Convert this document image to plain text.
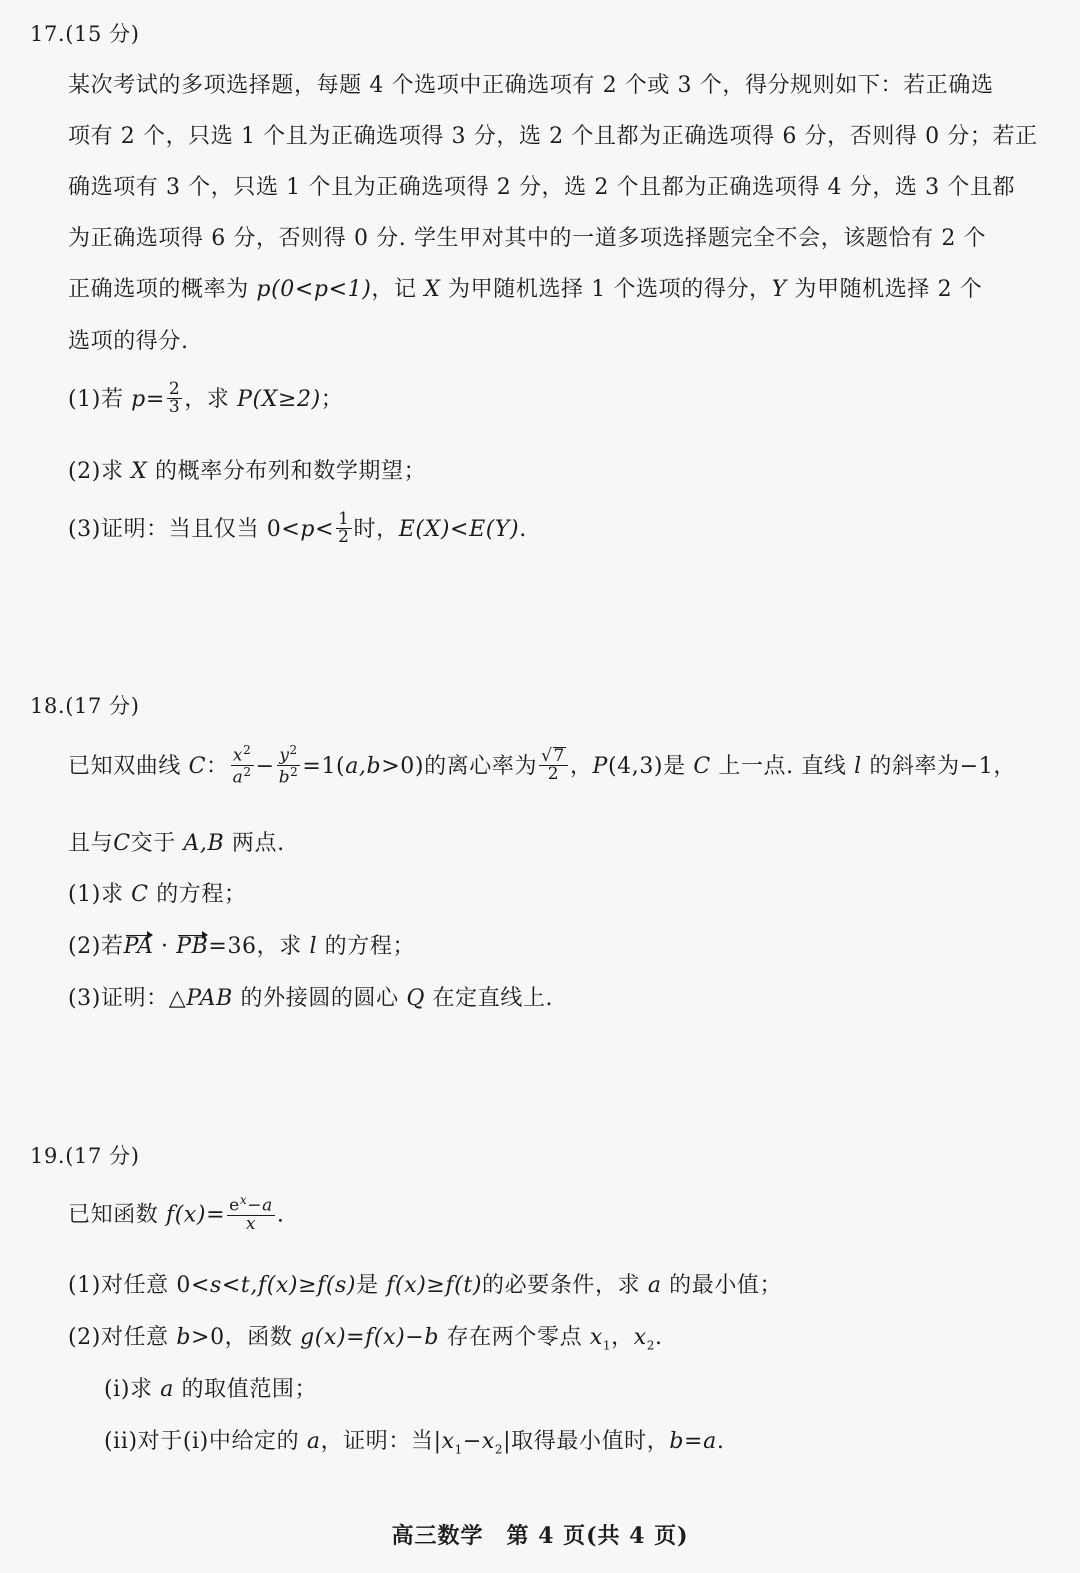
17.(15 分)
某次考试的多项选择题，每题 4 个选项中正确选项有 2 个或 3 个，得分规则如下：若正确选
项有 2 个，只选 1 个且为正确选项得 3 分，选 2 个且都为正确选项得 6 分，否则得 0 分；若正
确选项有 3 个，只选 1 个且为正确选项得 2 分，选 2 个且都为正确选项得 4 分，选 3 个且都
为正确选项得 6 分，否则得 0 分. 学生甲对其中的一道多项选择题完全不会，该题恰有 2 个
正确选项的概率为 p(0<p<1)，记 X 为甲随机选择 1 个选项的得分，Y 为甲随机选择 2 个
选项的得分.
(1)若 $p= \frac{2}{3}$ ，求 P(X≥2)；
(2)求 X 的概率分布列和数学期望；
(3)证明：当且仅当 $0<p< \frac{1}{2}$ 时，E(X)<E(Y).
18.(17 分)
已知双曲线 C： $\frac{x^2}{a^2} - \frac{y^2}{b^2} =1(a,b>0)$的离心率为 $\frac{√7}{2}$ ，P(4,3)是 C 上一点. 直线 l 的斜率为−1，
且与C交于 A,B 两点.
(1)求 C 的方程；
(2)若PA · PB=36，求 l 的方程；
(3)证明：△PAB 的外接圆的圆心 Q 在定直线上.
19.(17 分)
已知函数 $f(x)= \frac{e^x-a}{x}$ .
(1)对任意 0<s<t,f(x)≥f(s)是 f(x)≥f(t)的必要条件，求 a 的最小值；
(2)对任意 b>0，函数 g(x)=f(x)−b 存在两个零点 $x_1$，$x_2$.
(i)求 a 的取值范围；
(ii)对于(i)中给定的 a，证明：当$|x_1-x_2|$取得最小值时，b=a.
高三数学　第 4 页(共 4 页)
